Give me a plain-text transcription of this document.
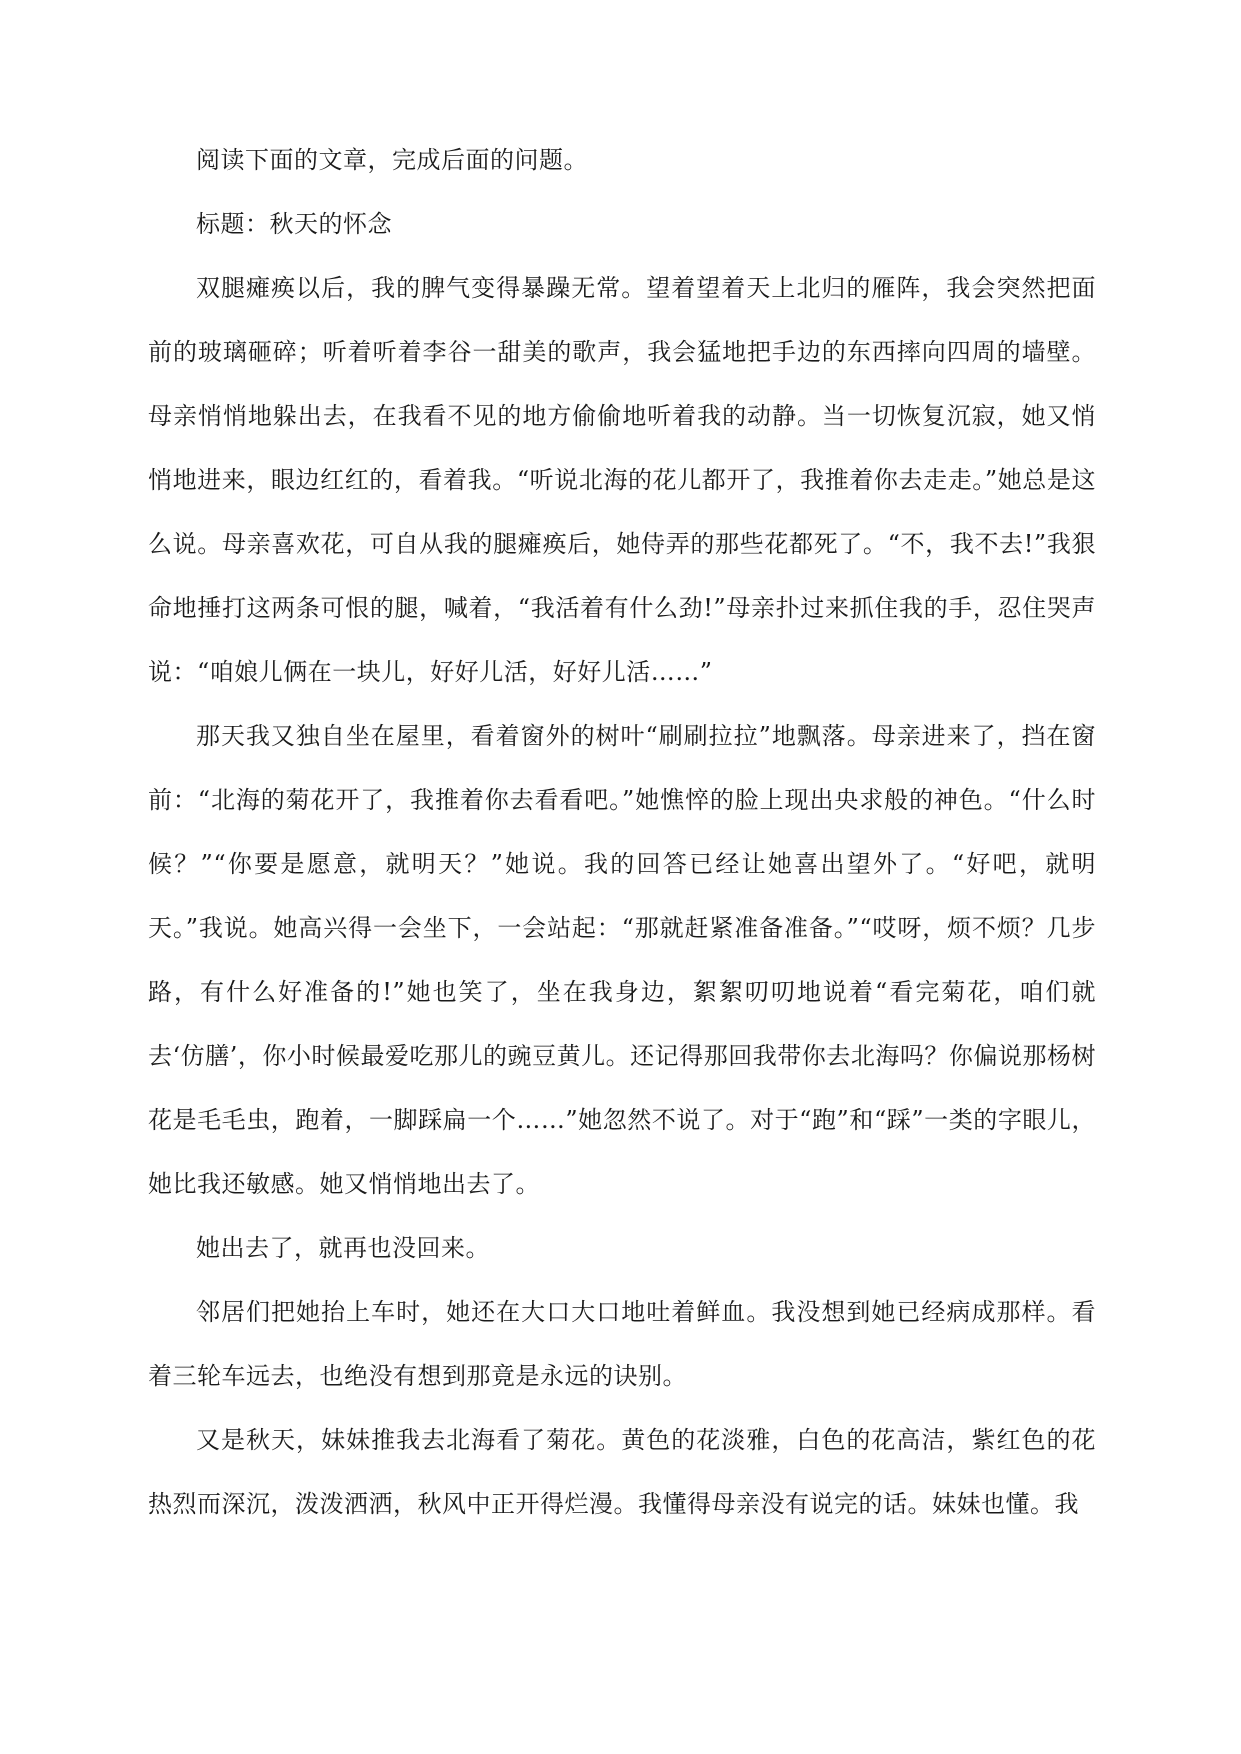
阅读下面的文章，完成后面的问题。

标题：秋天的怀念

双腿瘫痪以后，我的脾气变得暴躁无常。望着望着天上北归的雁阵，我会突然把面前的玻璃砸碎；听着听着李谷一甜美的歌声，我会猛地把手边的东西摔向四周的墙壁。母亲悄悄地躲出去，在我看不见的地方偷偷地听着我的动静。当一切恢复沉寂，她又悄悄地进来，眼边红红的，看着我。“听说北海的花儿都开了，我推着你去走走。”她总是这么说。母亲喜欢花，可自从我的腿瘫痪后，她侍弄的那些花都死了。“不，我不去!”我狠命地捶打这两条可恨的腿，喊着，“我活着有什么劲!”母亲扑过来抓住我的手，忍住哭声说：“咱娘儿俩在一块儿，好好儿活，好好儿活……”

那天我又独自坐在屋里，看着窗外的树叶“刷刷拉拉”地飘落。母亲进来了，挡在窗前：“北海的菊花开了，我推着你去看看吧。”她憔悴的脸上现出央求般的神色。“什么时候？”“你要是愿意，就明天？”她说。我的回答已经让她喜出望外了。“好吧，就明天。”我说。她高兴得一会坐下，一会站起：“那就赶紧准备准备。”“哎呀，烦不烦？几步路，有什么好准备的!”她也笑了，坐在我身边，絮絮叨叨地说着“看完菊花，咱们就去‘仿膳’，你小时候最爱吃那儿的豌豆黄儿。还记得那回我带你去北海吗？你偏说那杨树花是毛毛虫，跑着，一脚踩扁一个……”她忽然不说了。对于“跑”和“踩”一类的字眼儿，她比我还敏感。她又悄悄地出去了。

她出去了，就再也没回来。

邻居们把她抬上车时，她还在大口大口地吐着鲜血。我没想到她已经病成那样。看着三轮车远去，也绝没有想到那竟是永远的诀别。

又是秋天，妹妹推我去北海看了菊花。黄色的花淡雅，白色的花高洁，紫红色的花热烈而深沉，泼泼洒洒，秋风中正开得烂漫。我懂得母亲没有说完的话。妹妹也懂。我
